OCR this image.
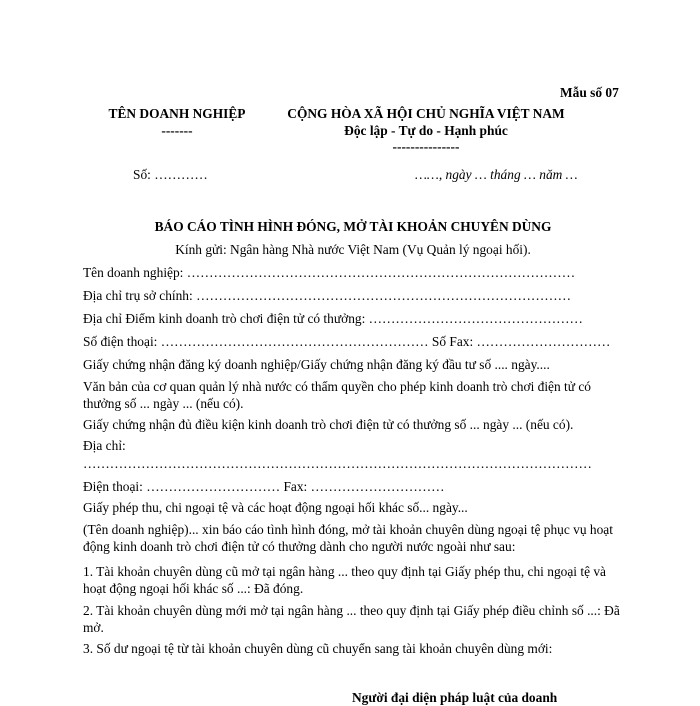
Mẫu số 07
TÊN DOANH NGHIỆP
-------
CỘNG HÒA XÃ HỘI CHỦ NGHĨA VIỆT NAM
Độc lập - Tự do - Hạnh phúc
---------------
Số: …………	……, ngày … tháng … năm …
BÁO CÁO TÌNH HÌNH ĐÓNG, MỞ TÀI KHOẢN CHUYÊN DÙNG
Kính gửi: Ngân hàng Nhà nước Việt Nam (Vụ Quản lý ngoại hối).
Tên doanh nghiệp: ……………………………………………………………………………
Địa chỉ trụ sở chính: …………………………………………………………………………
Địa chỉ Điểm kinh doanh trò chơi điện tử có thưởng: …………………………………………
Số điện thoại: …………………………………………………… Số Fax: …………………………
Giấy chứng nhận đăng ký doanh nghiệp/Giấy chứng nhận đăng ký đầu tư số .... ngày....
Văn bản của cơ quan quản lý nhà nước có thẩm quyền cho phép kinh doanh trò chơi điện tử có thưởng số ... ngày ... (nếu có).
Giấy chứng nhận đủ điều kiện kinh doanh trò chơi điện tử có thưởng số ... ngày ... (nếu có).
Địa chỉ:
……………………………………………………………………………………………………
Điện thoại: ………………………… Fax: …………………………
Giấy phép thu, chi ngoại tệ và các hoạt động ngoại hối khác số... ngày...
(Tên doanh nghiệp)... xin báo cáo tình hình đóng, mở tài khoản chuyên dùng ngoại tệ phục vụ hoạt động kinh doanh trò chơi điện tử có thưởng dành cho người nước ngoài như sau:
1. Tài khoản chuyên dùng cũ mở tại ngân hàng ... theo quy định tại Giấy phép thu, chi ngoại tệ và hoạt động ngoại hối khác số ...: Đã đóng.
2. Tài khoản chuyên dùng mới mở tại ngân hàng ... theo quy định tại Giấy phép điều chỉnh số ...: Đã mở.
3. Số dư ngoại tệ từ tài khoản chuyên dùng cũ chuyển sang tài khoản chuyên dùng mới:
Người đại diện pháp luật của doanh
